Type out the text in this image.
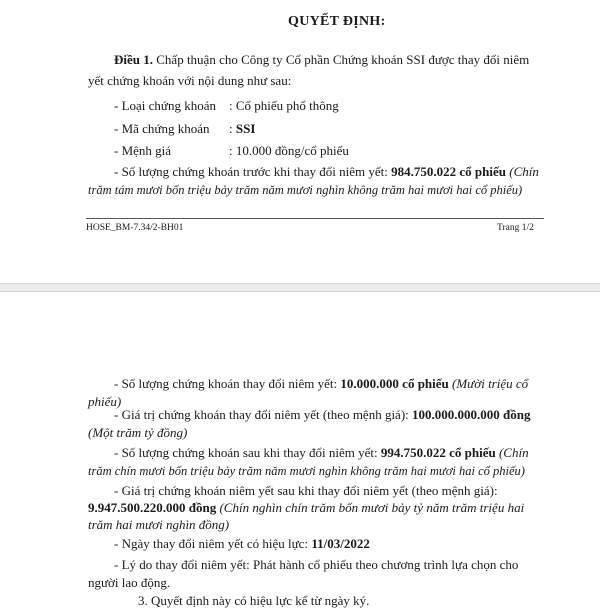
QUYẾT ĐỊNH:
Điều 1. Chấp thuận cho Công ty Cổ phần Chứng khoán SSI được thay đổi niêm
yết chứng khoán với nội dung như sau:
- Loại chứng khoán : Cổ phiếu phổ thông
- Mã chứng khoán : SSI
- Mệnh giá	: 10.000 đồng/cổ phiếu
- Số lượng chứng khoán trước khi thay đổi niêm yết: 984.750.022 cổ phiếu (Chín
trăm tám mươi bốn triệu bảy trăm năm mươi nghìn không trăm hai mươi hai cổ phiếu)
HOSE_BM-7.34/2-BH01	Trang 1/2
- Số lượng chứng khoán thay đổi niêm yết: 10.000.000 cổ phiếu (Mười triệu cổ
phiếu)
- Giá trị chứng khoán thay đổi niêm yết (theo mệnh giá): 100.000.000.000 đồng
(Một trăm tỷ đồng)
- Số lượng chứng khoán sau khi thay đổi niêm yết: 994.750.022 cổ phiếu (Chín
trăm chín mươi bốn triệu bảy trăm năm mươi nghìn không trăm hai mươi hai cổ phiếu)
- Giá trị chứng khoán niêm yết sau khi thay đổi niêm yết (theo mệnh giá):
9.947.500.220.000 đồng (Chín nghìn chín trăm bốn mươi bảy tỷ năm trăm triệu hai
trăm hai mươi nghìn đồng)
- Ngày thay đổi niêm yết có hiệu lực: 11/03/2022
- Lý do thay đổi niêm yết: Phát hành cổ phiếu theo chương trình lựa chọn cho
người lao động.
3. Quyết định này có hiệu lực kể từ ngày ký.
